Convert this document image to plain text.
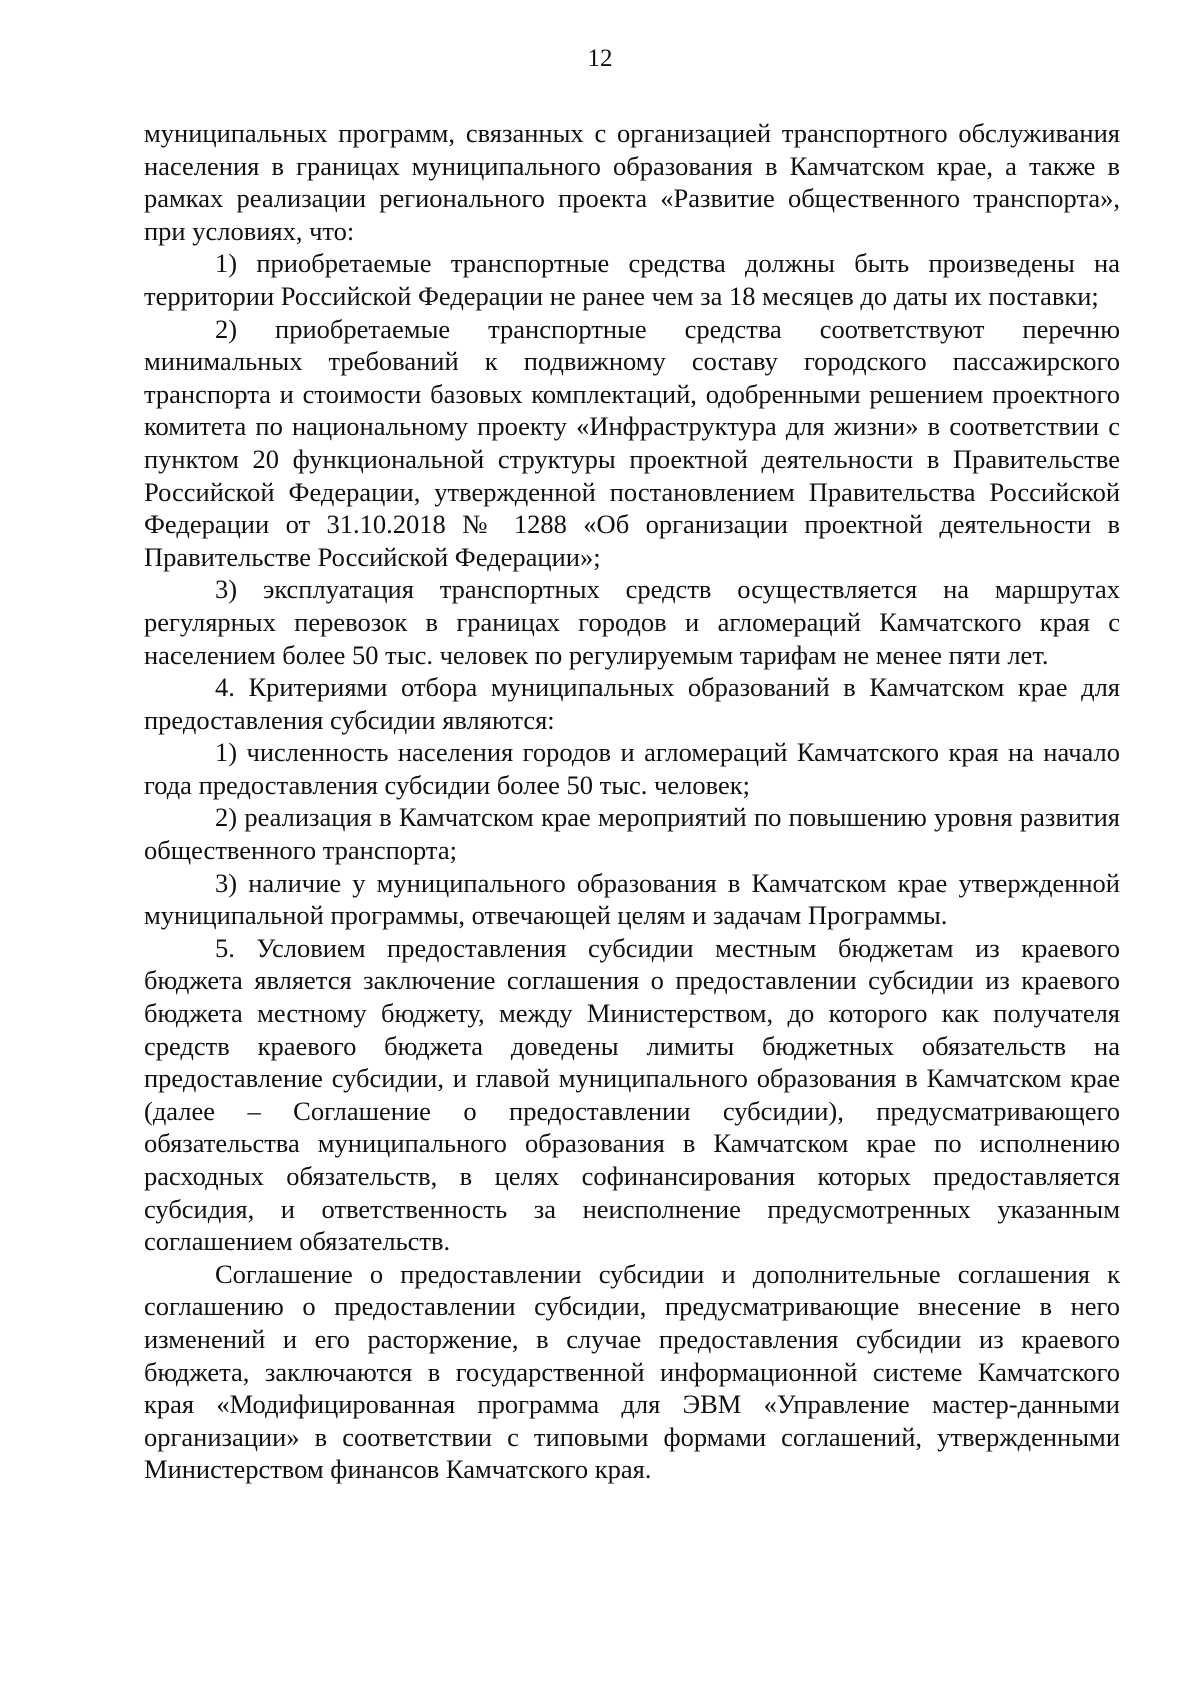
12

муниципальных программ, связанных с организацией транспортного обслуживания населения в границах муниципального образования в Камчатском крае, а также в рамках реализации регионального проекта «Развитие общественного транспорта», при условиях, что:

1) приобретаемые транспортные средства должны быть произведены на территории Российской Федерации не ранее чем за 18 месяцев до даты их поставки;

2) приобретаемые транспортные средства соответствуют перечню минимальных требований к подвижному составу городского пассажирского транспорта и стоимости базовых комплектаций, одобренными решением проектного комитета по национальному проекту «Инфраструктура для жизни» в соответствии с пунктом 20 функциональной структуры проектной деятельности в Правительстве Российской Федерации, утвержденной постановлением Правительства Российской Федерации от 31.10.2018 № 1288 «Об организации проектной деятельности в Правительстве Российской Федерации»;

3) эксплуатация транспортных средств осуществляется на маршрутах регулярных перевозок в границах городов и агломераций Камчатского края с населением более 50 тыс. человек по регулируемым тарифам не менее пяти лет.

4. Критериями отбора муниципальных образований в Камчатском крае для предоставления субсидии являются:

1) численность населения городов и агломераций Камчатского края на начало года предоставления субсидии более 50 тыс. человек;

2) реализация в Камчатском крае мероприятий по повышению уровня развития общественного транспорта;

3) наличие у муниципального образования в Камчатском крае утвержденной муниципальной программы, отвечающей целям и задачам Программы.

5. Условием предоставления субсидии местным бюджетам из краевого бюджета является заключение соглашения о предоставлении субсидии из краевого бюджета местному бюджету, между Министерством, до которого как получателя средств краевого бюджета доведены лимиты бюджетных обязательств на предоставление субсидии, и главой муниципального образования в Камчатском крае (далее – Соглашение о предоставлении субсидии), предусматривающего обязательства муниципального образования в Камчатском крае по исполнению расходных обязательств, в целях софинансирования которых предоставляется субсидия, и ответственность за неисполнение предусмотренных указанным соглашением обязательств.

Соглашение о предоставлении субсидии и дополнительные соглашения к соглашению о предоставлении субсидии, предусматривающие внесение в него изменений и его расторжение, в случае предоставления субсидии из краевого бюджета, заключаются в государственной информационной системе Камчатского края «Модифицированная программа для ЭВМ «Управление мастер-данными организации» в соответствии с типовыми формами соглашений, утвержденными Министерством финансов Камчатского края.
